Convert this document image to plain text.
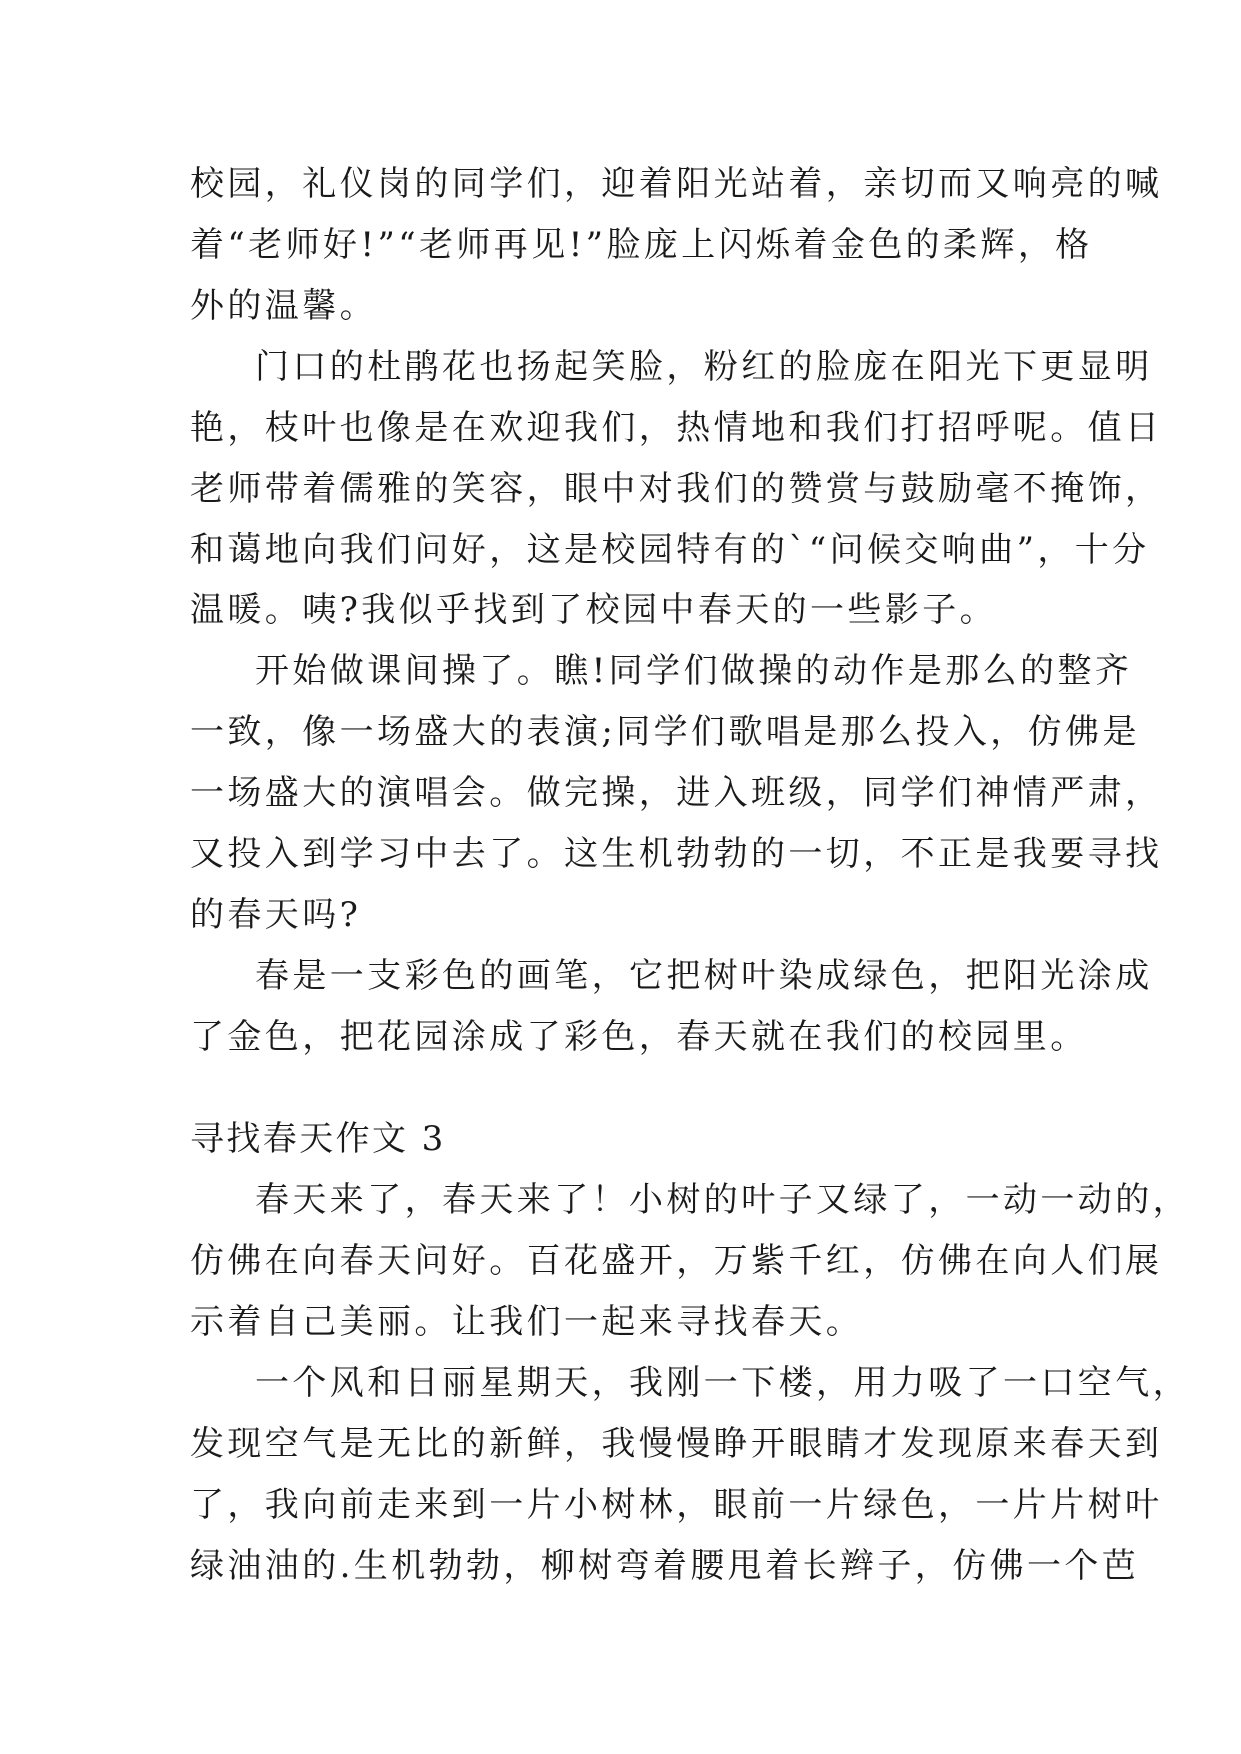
校园，礼仪岗的同学们，迎着阳光站着，亲切而又响亮的喊

着“老师好!”“老师再见!”脸庞上闪烁着金色的柔辉，格

外的温馨。

门口的杜鹃花也扬起笑脸，粉红的脸庞在阳光下更显明

艳，枝叶也像是在欢迎我们，热情地和我们打招呼呢。值日

老师带着儒雅的笑容，眼中对我们的赞赏与鼓励毫不掩饰，

和蔼地向我们问好，这是校园特有的`“问候交响曲”，十分

温暖。咦?我似乎找到了校园中春天的一些影子。

开始做课间操了。瞧!同学们做操的动作是那么的整齐

一致，像一场盛大的表演;同学们歌唱是那么投入，仿佛是

一场盛大的演唱会。做完操，进入班级，同学们神情严肃，

又投入到学习中去了。这生机勃勃的一切，不正是我要寻找

的春天吗?

春是一支彩色的画笔，它把树叶染成绿色，把阳光涂成

了金色，把花园涂成了彩色，春天就在我们的校园里。

寻找春天作文 3

春天来了，春天来了！小树的叶子又绿了，一动一动的，

仿佛在向春天问好。百花盛开，万紫千红，仿佛在向人们展

示着自己美丽。让我们一起来寻找春天。

一个风和日丽星期天，我刚一下楼，用力吸了一口空气，

发现空气是无比的新鲜，我慢慢睁开眼睛才发现原来春天到

了，我向前走来到一片小树林，眼前一片绿色，一片片树叶

绿油油的.生机勃勃，柳树弯着腰甩着长辫子，仿佛一个芭
